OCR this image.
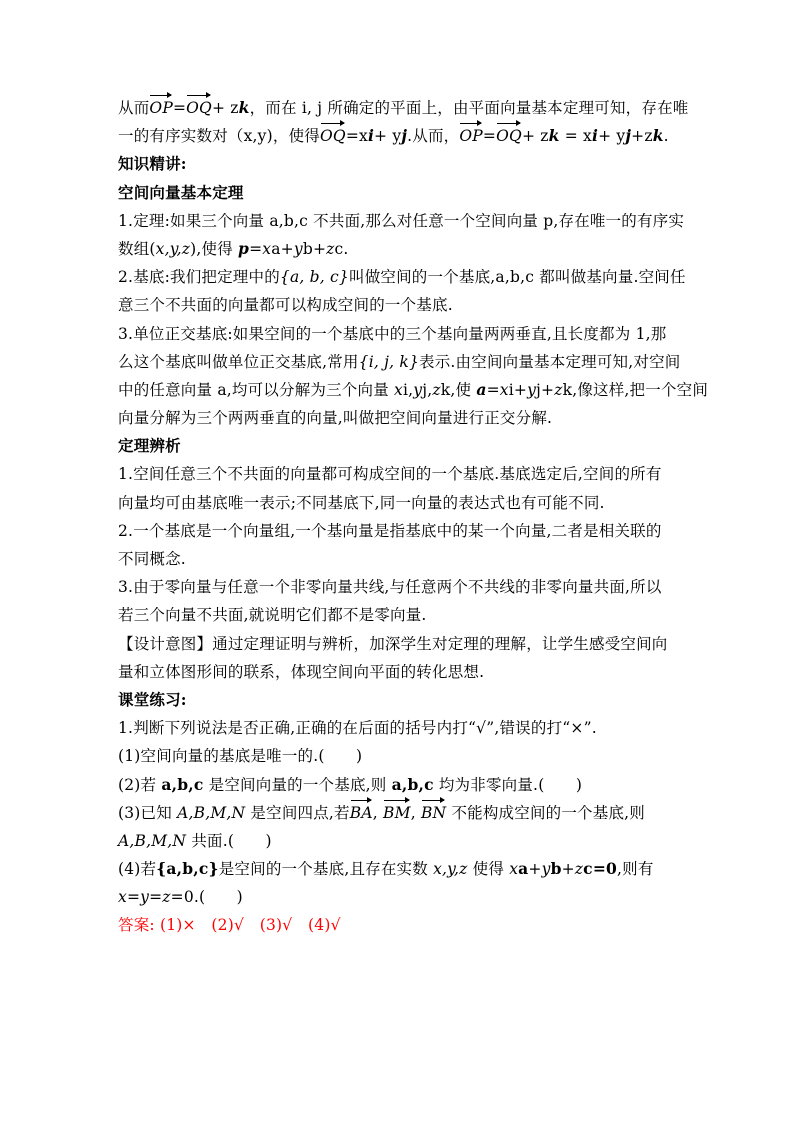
从而OP=OQ+ zk，而在 i, j 所确定的平面上，由平面向量基本定理可知，存在唯
一的有序实数对（x,y)，使得OQ=xi+ yj.从而，OP=OQ+ zk = xi+ yj+zk.
知识精讲:
空间向量基本定理
1.定理:如果三个向量 a,b,c 不共面,那么对任意一个空间向量 p,存在唯一的有序实
数组(x,y,z),使得 p=xa+yb+zc.
2.基底:我们把定理中的{a, b, c}叫做空间的一个基底,a,b,c 都叫做基向量.空间任
意三个不共面的向量都可以构成空间的一个基底.
3.单位正交基底:如果空间的一个基底中的三个基向量两两垂直,且长度都为 1,那
么这个基底叫做单位正交基底,常用{i, j, k}表示.由空间向量基本定理可知,对空间
中的任意向量 a,均可以分解为三个向量 xi,yj,zk,使 a=xi+yj+zk,像这样,把一个空间
向量分解为三个两两垂直的向量,叫做把空间向量进行正交分解.
定理辨析
1.空间任意三个不共面的向量都可构成空间的一个基底.基底选定后,空间的所有
向量均可由基底唯一表示;不同基底下,同一向量的表达式也有可能不同.
2.一个基底是一个向量组,一个基向量是指基底中的某一个向量,二者是相关联的
不同概念.
3.由于零向量与任意一个非零向量共线,与任意两个不共线的非零向量共面,所以
若三个向量不共面,就说明它们都不是零向量.
【设计意图】通过定理证明与辨析，加深学生对定理的理解，让学生感受空间向
量和立体图形间的联系，体现空间向平面的转化思想.
课堂练习:
1.判断下列说法是否正确,正确的在后面的括号内打“√”,错误的打“×”.
(1)空间向量的基底是唯一的.(　　)
(2)若 a,b,c 是空间向量的一个基底,则 a,b,c 均为非零向量.(　　)
(3)已知 A,B,M,N 是空间四点,若BA, BM, BN 不能构成空间的一个基底,则
A,B,M,N 共面.(　　)
(4)若{a,b,c}是空间的一个基底,且存在实数 x,y,z 使得 xa+yb+zc=0,则有
x=y=z=0.(　　)
答案: (1)×　(2)√　(3)√　(4)√
